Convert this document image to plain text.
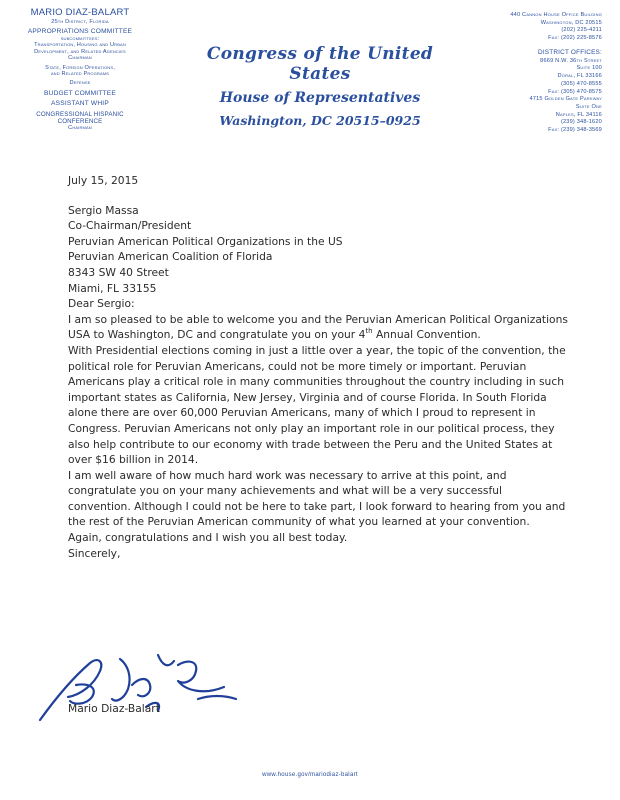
MARIO DIAZ-BALART
25th District, Florida
APPROPRIATIONS COMMITTEE
subcommittees:
Transportation, Housing and Urban
Development, and Related Agencies
Chairman
State, Foreign Operations,
and Related Programs
Defense
BUDGET COMMITTEE
ASSISTANT WHIP
CONGRESSIONAL HISPANIC CONFERENCE
Chairman
Congress of the United States
House of Representatives
Washington, DC 20515–0925
440 Cannon House Office Building
Washington, DC 20515
(202) 225-4211
Fax: (202) 225-8576
DISTRICT OFFICES:
8669 N.W. 36th Street
Suite 100
Doral, FL 33166
(305) 470-8555
Fax: (305) 470-8575
4715 Golden Gate Parkway
Suite One
Naples, FL 34116
(239) 348-1620
Fax: (239) 348-3569

July 15, 2015

Sergio Massa

Co-Chairman/President

Peruvian American Political Organizations in the US

Peruvian American Coalition of Florida

8343 SW 40 Street

Miami, FL 33155

Dear Sergio:

I am so pleased to be able to welcome you and the Peruvian American Political Organizations USA to Washington, DC and congratulate you on your 4th Annual Convention.

With Presidential elections coming in just a little over a year, the topic of the convention, the political role for Peruvian Americans, could not be more timely or important. Peruvian Americans play a critical role in many communities throughout the country including in such important states as California, New Jersey, Virginia and of course Florida. In South Florida alone there are over 60,000 Peruvian Americans, many of which I proud to represent in Congress. Peruvian Americans not only play an important role in our political process, they also help contribute to our economy with trade between the Peru and the United States at over $16 billion in 2014.

I am well aware of how much hard work was necessary to arrive at this point, and congratulate you on your many achievements and what will be a very successful convention. Although I could not be here to take part, I look forward to hearing from you and the rest of the Peruvian American community of what you learned at your convention.

Again, congratulations and I wish you all best today.

Sincerely,

Mario Diaz-Balart
www.house.gov/mariodiaz-balart
